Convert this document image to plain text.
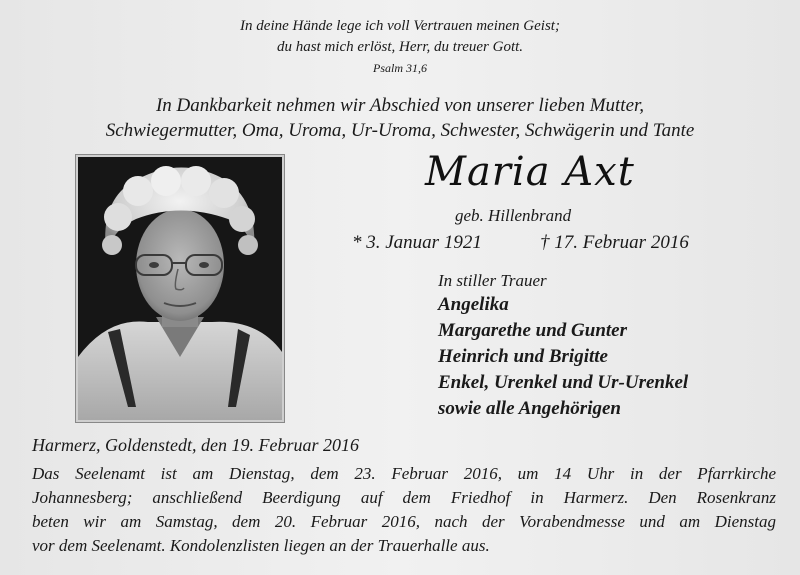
In deine Hände lege ich voll Vertrauen meinen Geist;
du hast mich erlöst, Herr, du treuer Gott.
Psalm 31,6
In Dankbarkeit nehmen wir Abschied von unserer lieben Mutter,
Schwiegermutter, Oma, Uroma, Ur-Uroma, Schwester, Schwägerin und Tante
Maria Axt
geb. Hillenbrand
* 3. Januar 1921	† 17. Februar 2016
In stiller Trauer
Angelika
Margarethe und Gunter
Heinrich und Brigitte
Enkel, Urenkel und Ur-Urenkel
sowie alle Angehörigen
Harmerz, Goldenstedt, den 19. Februar 2016
Das Seelenamt ist am Dienstag, dem 23. Februar 2016, um 14 Uhr in der Pfarrkirche
Johannesberg; anschließend Beerdigung auf dem Friedhof in Harmerz. Den Rosenkranz
beten wir am Samstag, dem 20. Februar 2016, nach der Vorabendmesse und am Dienstag
vor dem Seelenamt. Kondolenzlisten liegen an der Trauerhalle aus.
